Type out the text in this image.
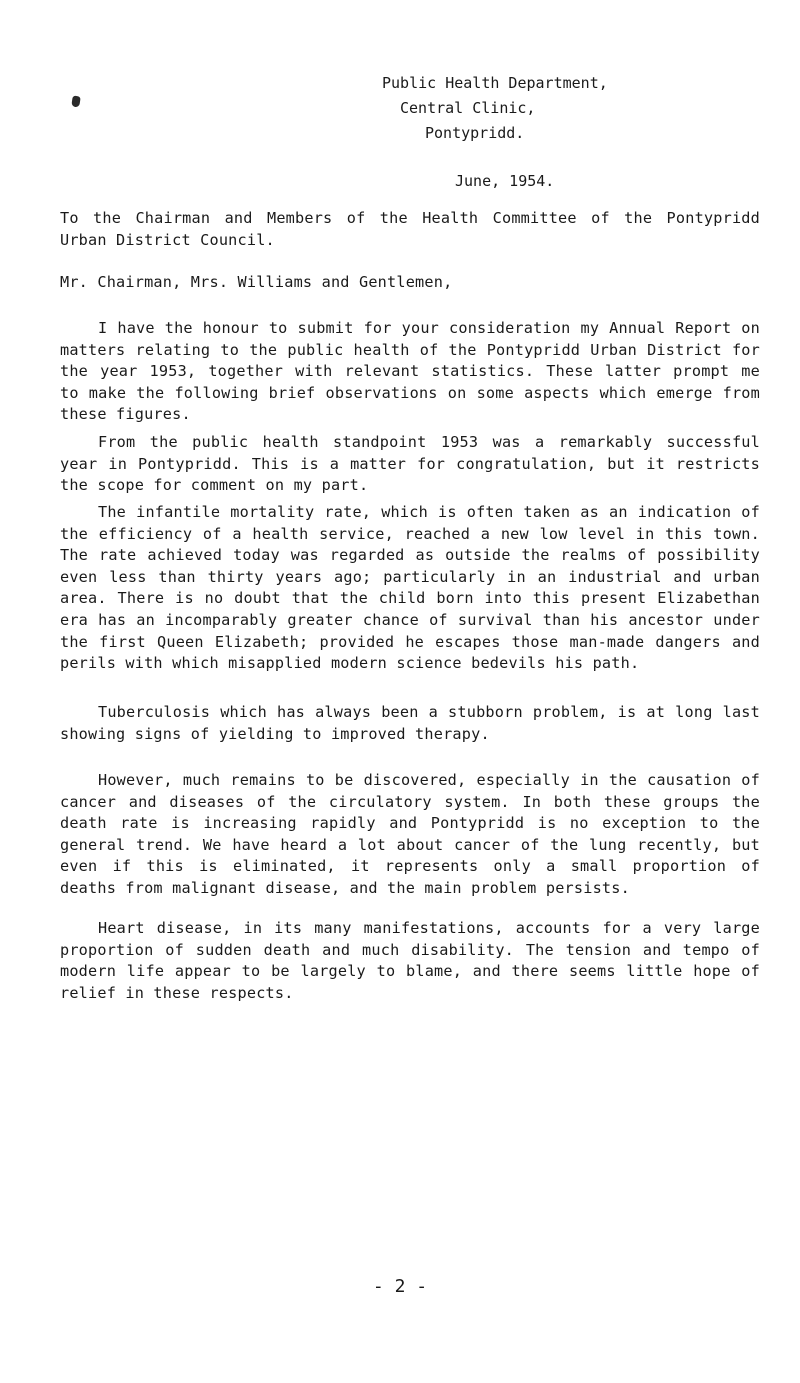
Public Health Department,
Central Clinic,
Pontypridd.
June, 1954.
To the Chairman and Members of the Health Committee of the Pontypridd Urban District Council.
Mr. Chairman, Mrs. Williams and Gentlemen,
I have the honour to submit for your consideration my Annual Report on matters relating to the public health of the Pontypridd Urban District for the year 1953, together with relevant statistics. These latter prompt me to make the following brief observations on some aspects which emerge from these figures.
From the public health standpoint 1953 was a remarkably successful year in Pontypridd. This is a matter for congratulation, but it restricts the scope for comment on my part.
The infantile mortality rate, which is often taken as an indication of the efficiency of a health service, reached a new low level in this town. The rate achieved today was regarded as outside the realms of possibility even less than thirty years ago; particularly in an industrial and urban area. There is no doubt that the child born into this present Elizabethan era has an incomparably greater chance of survival than his ancestor under the first Queen Elizabeth; provided he escapes those man-made dangers and perils with which misapplied modern science bedevils his path.
Tuberculosis which has always been a stubborn problem, is at long last showing signs of yielding to improved therapy.
However, much remains to be discovered, especially in the causation of cancer and diseases of the circulatory system. In both these groups the death rate is increasing rapidly and Pontypridd is no exception to the general trend. We have heard a lot about cancer of the lung recently, but even if this is eliminated, it represents only a small proportion of deaths from malignant disease, and the main problem persists.
Heart disease, in its many manifestations, accounts for a very large proportion of sudden death and much disability. The tension and tempo of modern life appear to be largely to blame, and there seems little hope of relief in these respects.
- 2 -
